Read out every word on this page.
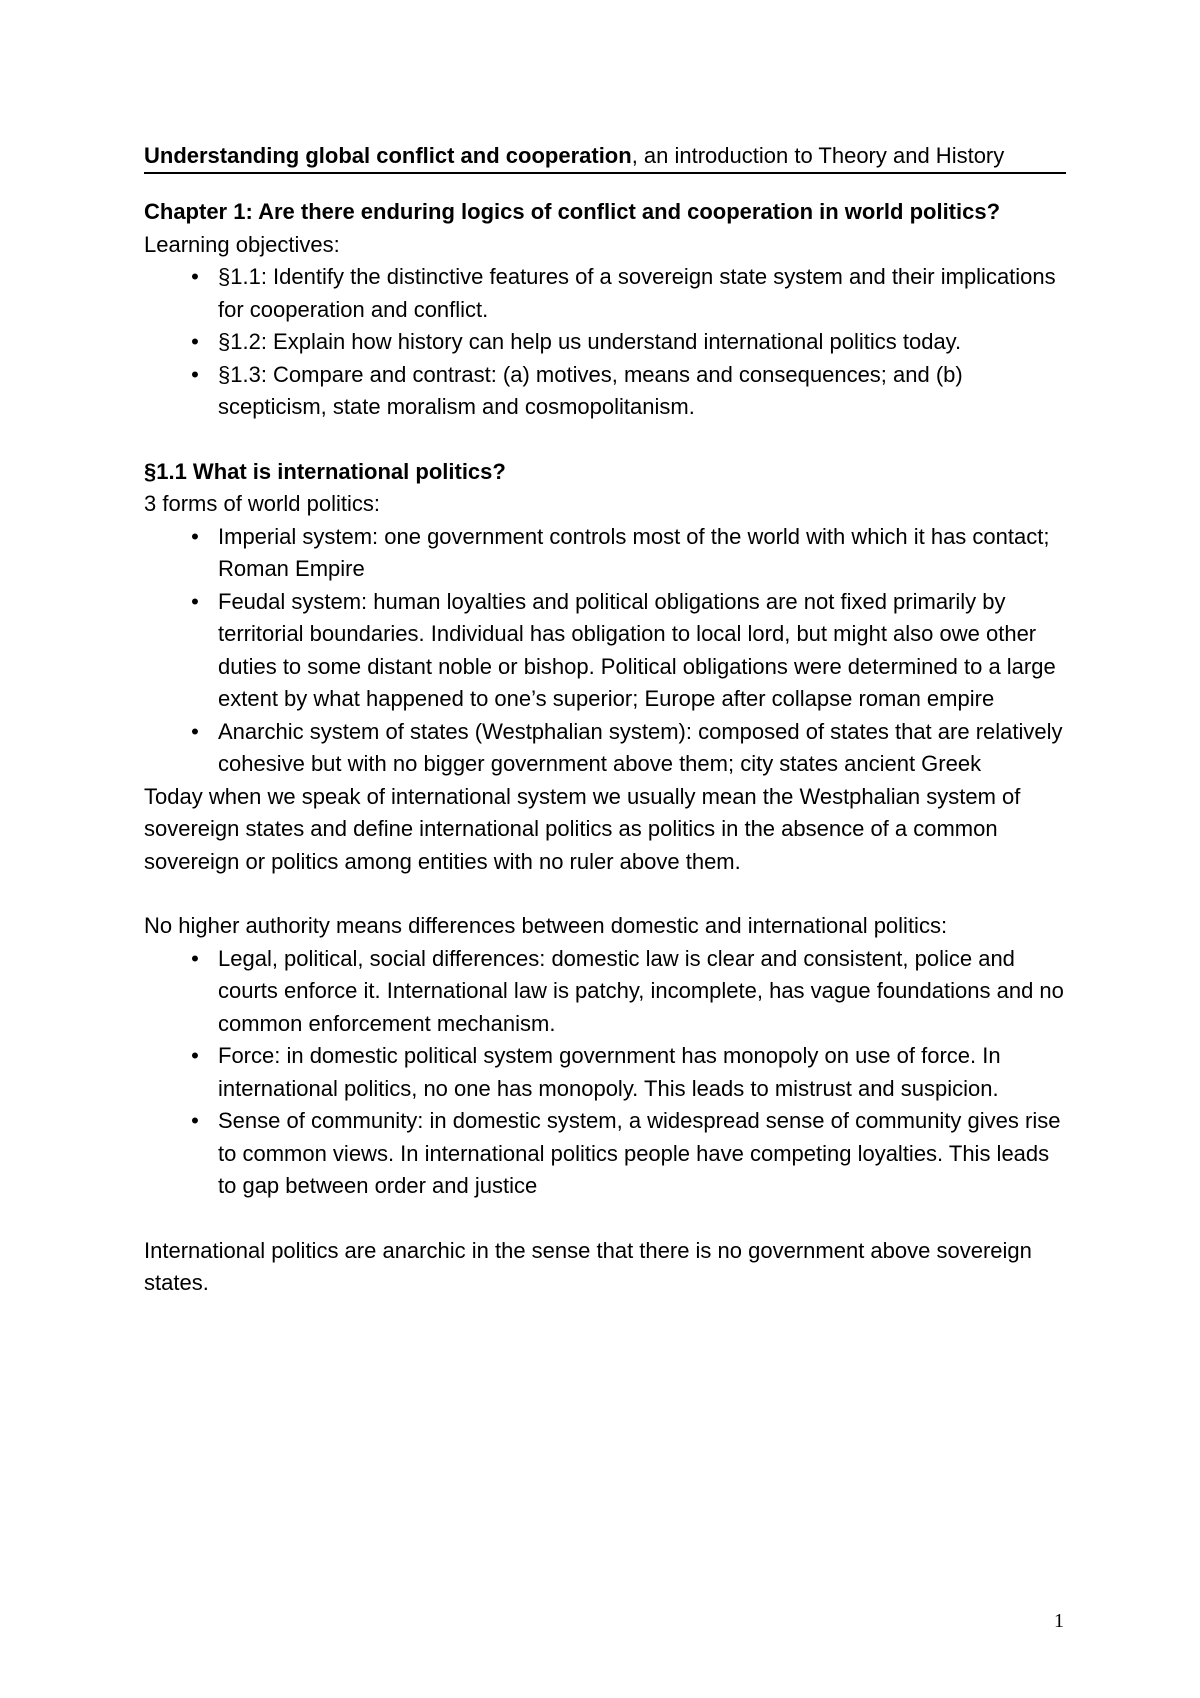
Understanding global conflict and cooperation, an introduction to Theory and History
Chapter 1: Are there enduring logics of conflict and cooperation in world politics?

Learning objectives:

• §1.1: Identify the distinctive features of a sovereign state system and their implications for cooperation and conflict.
• §1.2: Explain how history can help us understand international politics today.
• §1.3: Compare and contrast: (a) motives, means and consequences; and (b) scepticism, state moralism and cosmopolitanism.
§1.1 What is international politics?

3 forms of world politics:

• Imperial system: one government controls most of the world with which it has contact; Roman Empire
• Feudal system: human loyalties and political obligations are not fixed primarily by territorial boundaries. Individual has obligation to local lord, but might also owe other duties to some distant noble or bishop. Political obligations were determined to a large extent by what happened to one’s superior; Europe after collapse roman empire
• Anarchic system of states (Westphalian system): composed of states that are relatively cohesive but with no bigger government above them; city states ancient Greek

Today when we speak of international system we usually mean the Westphalian system of sovereign states and define international politics as politics in the absence of a common sovereign or politics among entities with no ruler above them.

No higher authority means differences between domestic and international politics:

• Legal, political, social differences: domestic law is clear and consistent, police and courts enforce it. International law is patchy, incomplete, has vague foundations and no common enforcement mechanism.
• Force: in domestic political system government has monopoly on use of force. In international politics, no one has monopoly. This leads to mistrust and suspicion.
• Sense of community: in domestic system, a widespread sense of community gives rise to common views. In international politics people have competing loyalties. This leads to gap between order and justice

International politics are anarchic in the sense that there is no government above sovereign states.

1
